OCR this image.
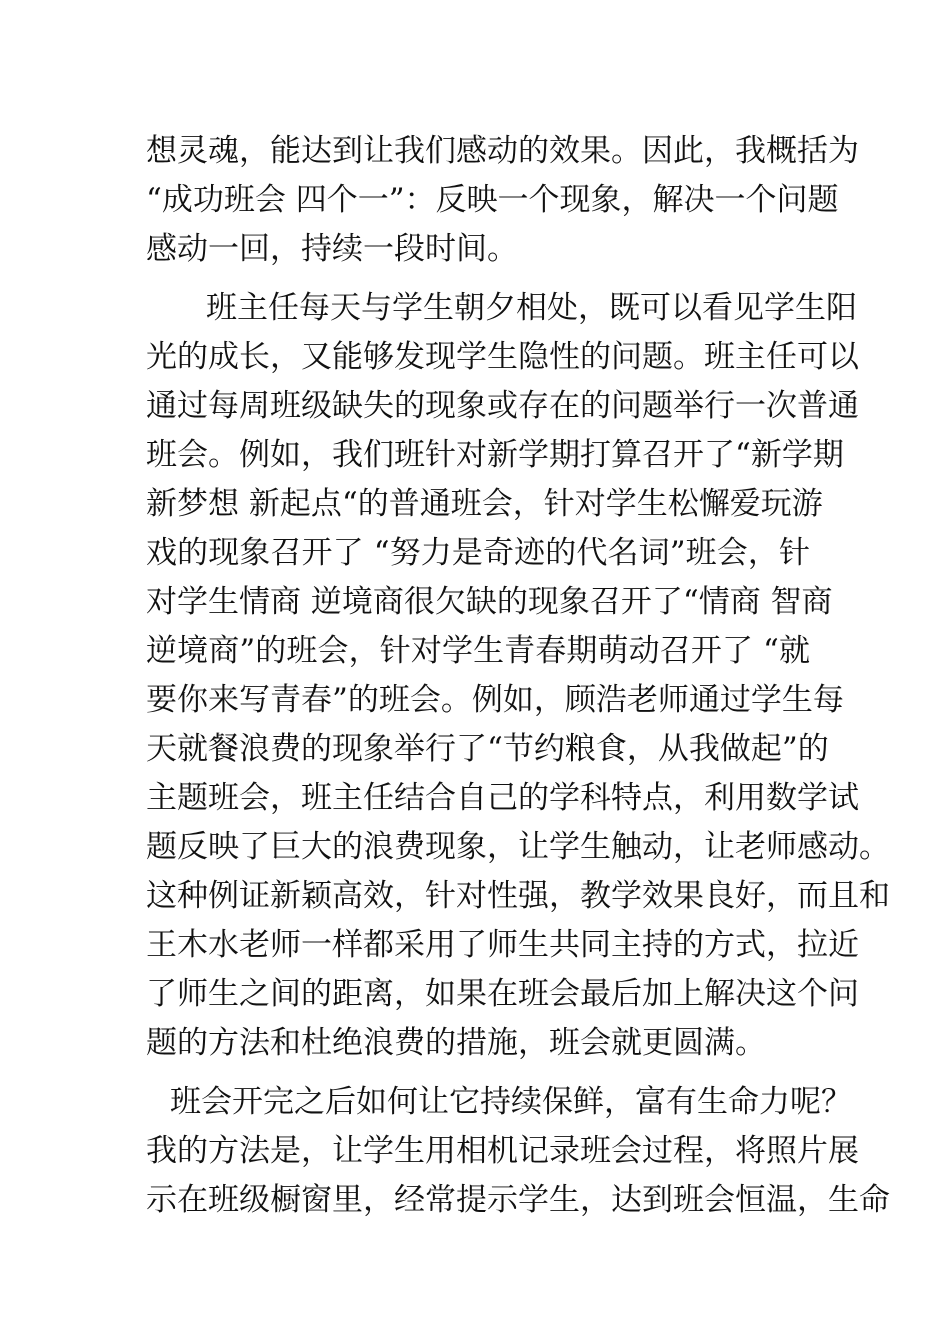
想灵魂，能达到让我们感动的效果。因此，我概括为
“成功班会 四个一”：反映一个现象，解决一个问题
感动一回，持续一段时间。
班主任每天与学生朝夕相处，既可以看见学生阳
光的成长，又能够发现学生隐性的问题。班主任可以
通过每周班级缺失的现象或存在的问题举行一次普通
班会。例如，我们班针对新学期打算召开了“新学期
新梦想 新起点“的普通班会，针对学生松懈爱玩游
戏的现象召开了 “努力是奇迹的代名词”班会，针
对学生情商 逆境商很欠缺的现象召开了“情商 智商
逆境商”的班会，针对学生青春期萌动召开了 “就
要你来写青春”的班会。例如，顾浩老师通过学生每
天就餐浪费的现象举行了“节约粮食，从我做起”的
主题班会，班主任结合自己的学科特点，利用数学试
题反映了巨大的浪费现象，让学生触动，让老师感动。
这种例证新颖高效，针对性强，教学效果良好，而且和
王木水老师一样都采用了师生共同主持的方式，拉近
了师生之间的距离，如果在班会最后加上解决这个问
题的方法和杜绝浪费的措施，班会就更圆满。
班会开完之后如何让它持续保鲜，富有生命力呢？
我的方法是，让学生用相机记录班会过程，将照片展
示在班级橱窗里，经常提示学生，达到班会恒温，生命
